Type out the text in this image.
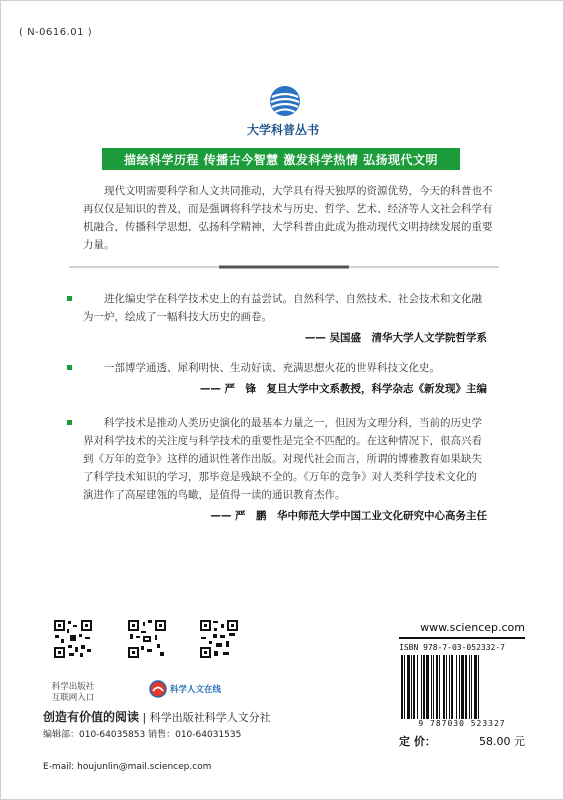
( N-0616.01 )
大学科普丛书
描绘科学历程 传播古今智慧 激发科学热情 弘扬现代文明
现代文明需要科学和人文共同推动，大学具有得天独厚的资源优势，今天的科普也不再仅仅是知识的普及，而是强调将科学技术与历史、哲学、艺术、经济等人文社会科学有机融合，传播科学思想，弘扬科学精神，大学科普由此成为推动现代文明持续发展的重要力量。
进化编史学在科学技术史上的有益尝试。自然科学、自然技术、社会技术和文化融为一炉，绘成了一幅科技大历史的画卷。
—— 吴国盛　清华大学人文学院哲学系
一部博学通透、犀利明快、生动好读、充满思想火花的世界科技文化史。
—— 严　锋　复旦大学中文系教授，科学杂志《新发现》主编
科学技术是推动人类历史演化的最基本力量之一，但因为文理分科，当前的历史学界对科学技术的关注度与科学技术的重要性是完全不匹配的。在这种情况下，很高兴看到《万年的竞争》这样的通识性著作出版。对现代社会而言，所谓的博雅教育如果缺失了科学技术知识的学习，那毕竟是残缺不全的。《万年的竞争》对人类科学技术文化的演进作了高屋建瓴的鸟瞰，是值得一读的通识教育杰作。
—— 严　鹏　华中师范大学中国工业文化研究中心高务主任
科学出版社
互联网入口
科学人文在线
创造有价值的阅读 | 科学出版社科学人文分社
编辑部：010-64035853 销售：010-64031535
E-mail: houjunlin@mail.sciencep.com
www.sciencep.com
ISBN 978-7-03-052332-7
9 787030 523327
定 价：	58.00 元
